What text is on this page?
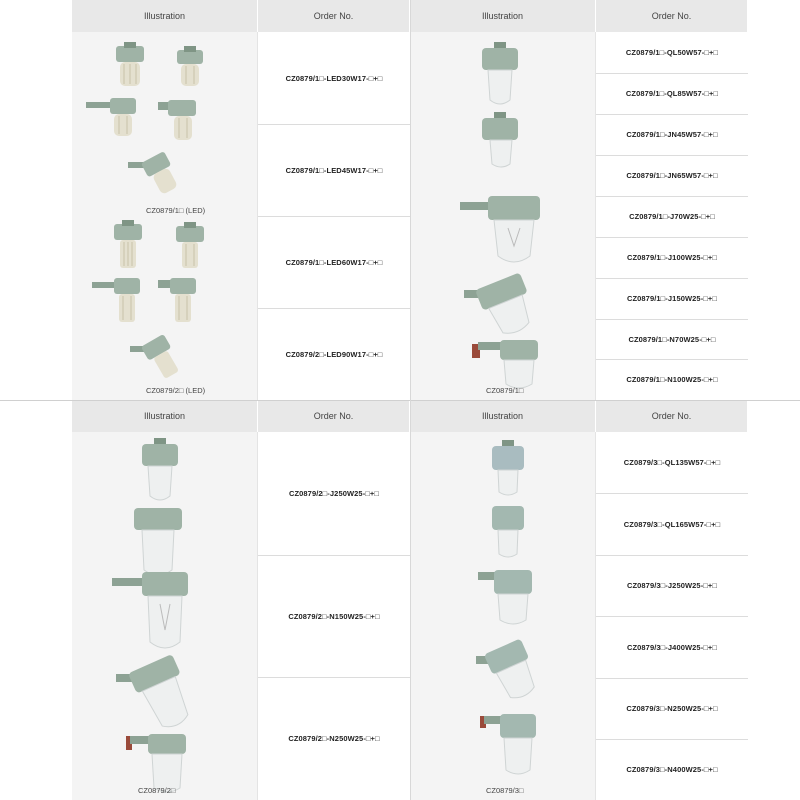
Illustration	Order No.
CZ0879/1□ (LED)
CZ0879/2□ (LED)
CZ0879/1□-LED30W17-□+□
CZ0879/1□-LED45W17-□+□
CZ0879/1□-LED60W17-□+□
CZ0879/2□-LED90W17-□+□
Illustration	Order No.
CZ0879/1□
CZ0879/1□-QL50W57-□+□
CZ0879/1□-QL85W57-□+□
CZ0879/1□-JN45W57-□+□
CZ0879/1□-JN65W57-□+□
CZ0879/1□-J70W25-□+□
CZ0879/1□-J100W25-□+□
CZ0879/1□-J150W25-□+□
CZ0879/1□-N70W25-□+□
CZ0879/1□-N100W25-□+□
Illustration	Order No.
CZ0879/2□
CZ0879/2□-J250W25-□+□
CZ0879/2□-N150W25-□+□
CZ0879/2□-N250W25-□+□
Illustration	Order No.
CZ0879/3□
CZ0879/3□-QL135W57-□+□
CZ0879/3□-QL165W57-□+□
CZ0879/3□-J250W25-□+□
CZ0879/3□-J400W25-□+□
CZ0879/3□-N250W25-□+□
CZ0879/3□-N400W25-□+□
